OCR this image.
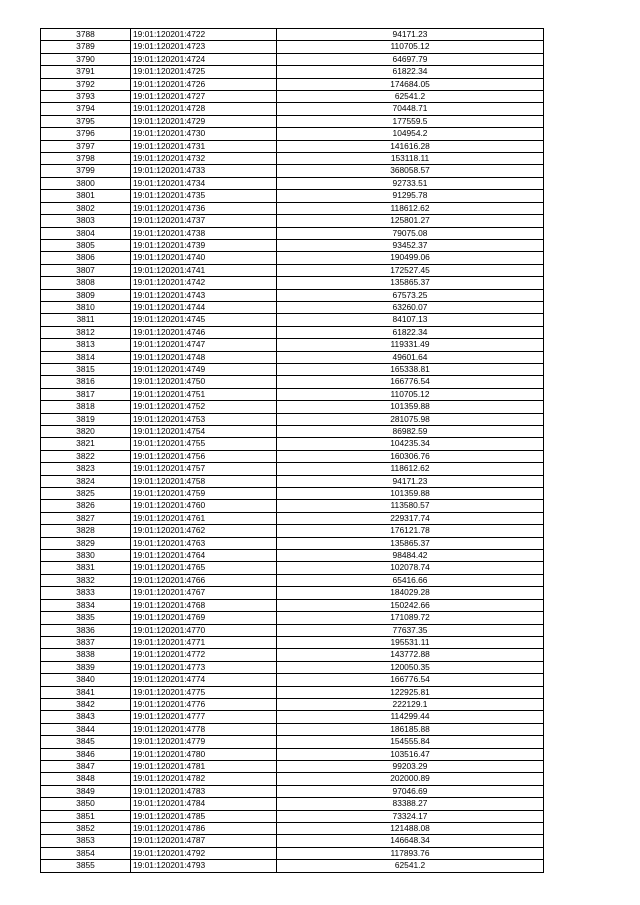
3788	19:01:120201:4722	94171.23
3789	19:01:120201:4723	110705.12
3790	19:01:120201:4724	64697.79
3791	19:01:120201:4725	61822.34
3792	19:01:120201:4726	174684.05
3793	19:01:120201:4727	62541.2
3794	19:01:120201:4728	70448.71
3795	19:01:120201:4729	177559.5
3796	19:01:120201:4730	104954.2
3797	19:01:120201:4731	141616.28
3798	19:01:120201:4732	153118.11
3799	19:01:120201:4733	368058.57
3800	19:01:120201:4734	92733.51
3801	19:01:120201:4735	91295.78
3802	19:01:120201:4736	118612.62
3803	19:01:120201:4737	125801.27
3804	19:01:120201:4738	79075.08
3805	19:01:120201:4739	93452.37
3806	19:01:120201:4740	190499.06
3807	19:01:120201:4741	172527.45
3808	19:01:120201:4742	135865.37
3809	19:01:120201:4743	67573.25
3810	19:01:120201:4744	63260.07
3811	19:01:120201:4745	84107.13
3812	19:01:120201:4746	61822.34
3813	19:01:120201:4747	119331.49
3814	19:01:120201:4748	49601.64
3815	19:01:120201:4749	165338.81
3816	19:01:120201:4750	166776.54
3817	19:01:120201:4751	110705.12
3818	19:01:120201:4752	101359.88
3819	19:01:120201:4753	281075.98
3820	19:01:120201:4754	86982.59
3821	19:01:120201:4755	104235.34
3822	19:01:120201:4756	160306.76
3823	19:01:120201:4757	118612.62
3824	19:01:120201:4758	94171.23
3825	19:01:120201:4759	101359.88
3826	19:01:120201:4760	113580.57
3827	19:01:120201:4761	229317.74
3828	19:01:120201:4762	176121.78
3829	19:01:120201:4763	135865.37
3830	19:01:120201:4764	98484.42
3831	19:01:120201:4765	102078.74
3832	19:01:120201:4766	65416.66
3833	19:01:120201:4767	184029.28
3834	19:01:120201:4768	150242.66
3835	19:01:120201:4769	171089.72
3836	19:01:120201:4770	77637.35
3837	19:01:120201:4771	195531.11
3838	19:01:120201:4772	143772.88
3839	19:01:120201:4773	120050.35
3840	19:01:120201:4774	166776.54
3841	19:01:120201:4775	122925.81
3842	19:01:120201:4776	222129.1
3843	19:01:120201:4777	114299.44
3844	19:01:120201:4778	186185.88
3845	19:01:120201:4779	154555.84
3846	19:01:120201:4780	103516.47
3847	19:01:120201:4781	99203.29
3848	19:01:120201:4782	202000.89
3849	19:01:120201:4783	97046.69
3850	19:01:120201:4784	83388.27
3851	19:01:120201:4785	73324.17
3852	19:01:120201:4786	121488.08
3853	19:01:120201:4787	146648.34
3854	19:01:120201:4792	117893.76
3855	19:01:120201:4793	62541.2
